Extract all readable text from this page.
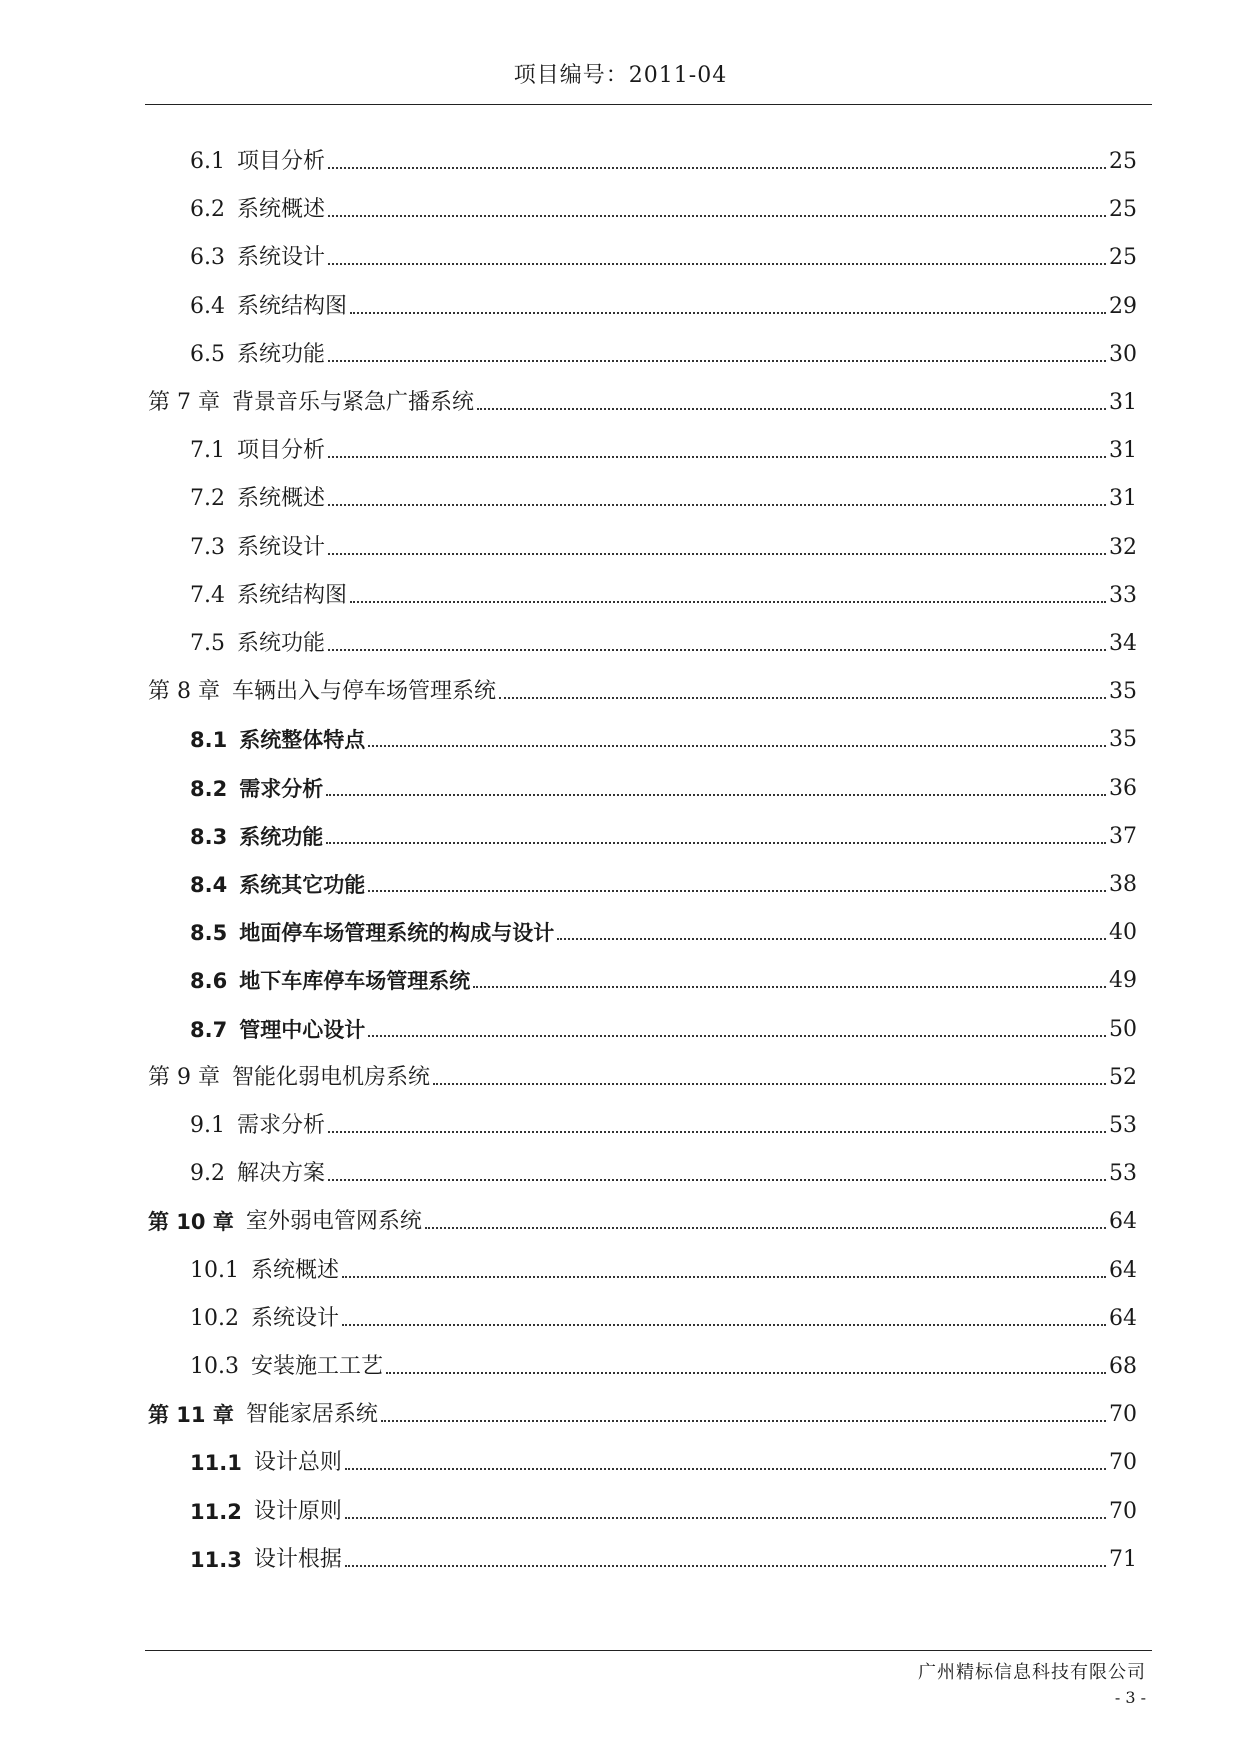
项目编号：2011-04
6.1 项目分析	25
6.2 系统概述	25
6.3 系统设计	25
6.4 系统结构图	29
6.5 系统功能	30
第 7 章 背景音乐与紧急广播系统	31
7.1 项目分析	31
7.2 系统概述	31
7.3 系统设计	32
7.4 系统结构图	33
7.5 系统功能	34
第 8 章 车辆出入与停车场管理系统	35
8.1 系统整体特点	35
8.2 需求分析	36
8.3 系统功能	37
8.4 系统其它功能	38
8.5 地面停车场管理系统的构成与设计	40
8.6 地下车库停车场管理系统	49
8.7 管理中心设计	50
第 9 章 智能化弱电机房系统	52
9.1 需求分析	53
9.2 解决方案	53
第 10 章 室外弱电管网系统	64
10.1 系统概述	64
10.2 系统设计	64
10.3 安装施工工艺	68
第 11 章 智能家居系统	70
11.1 设计总则	70
11.2 设计原则	70
11.3 设计根据	71
广州精标信息科技有限公司
- 3 -
